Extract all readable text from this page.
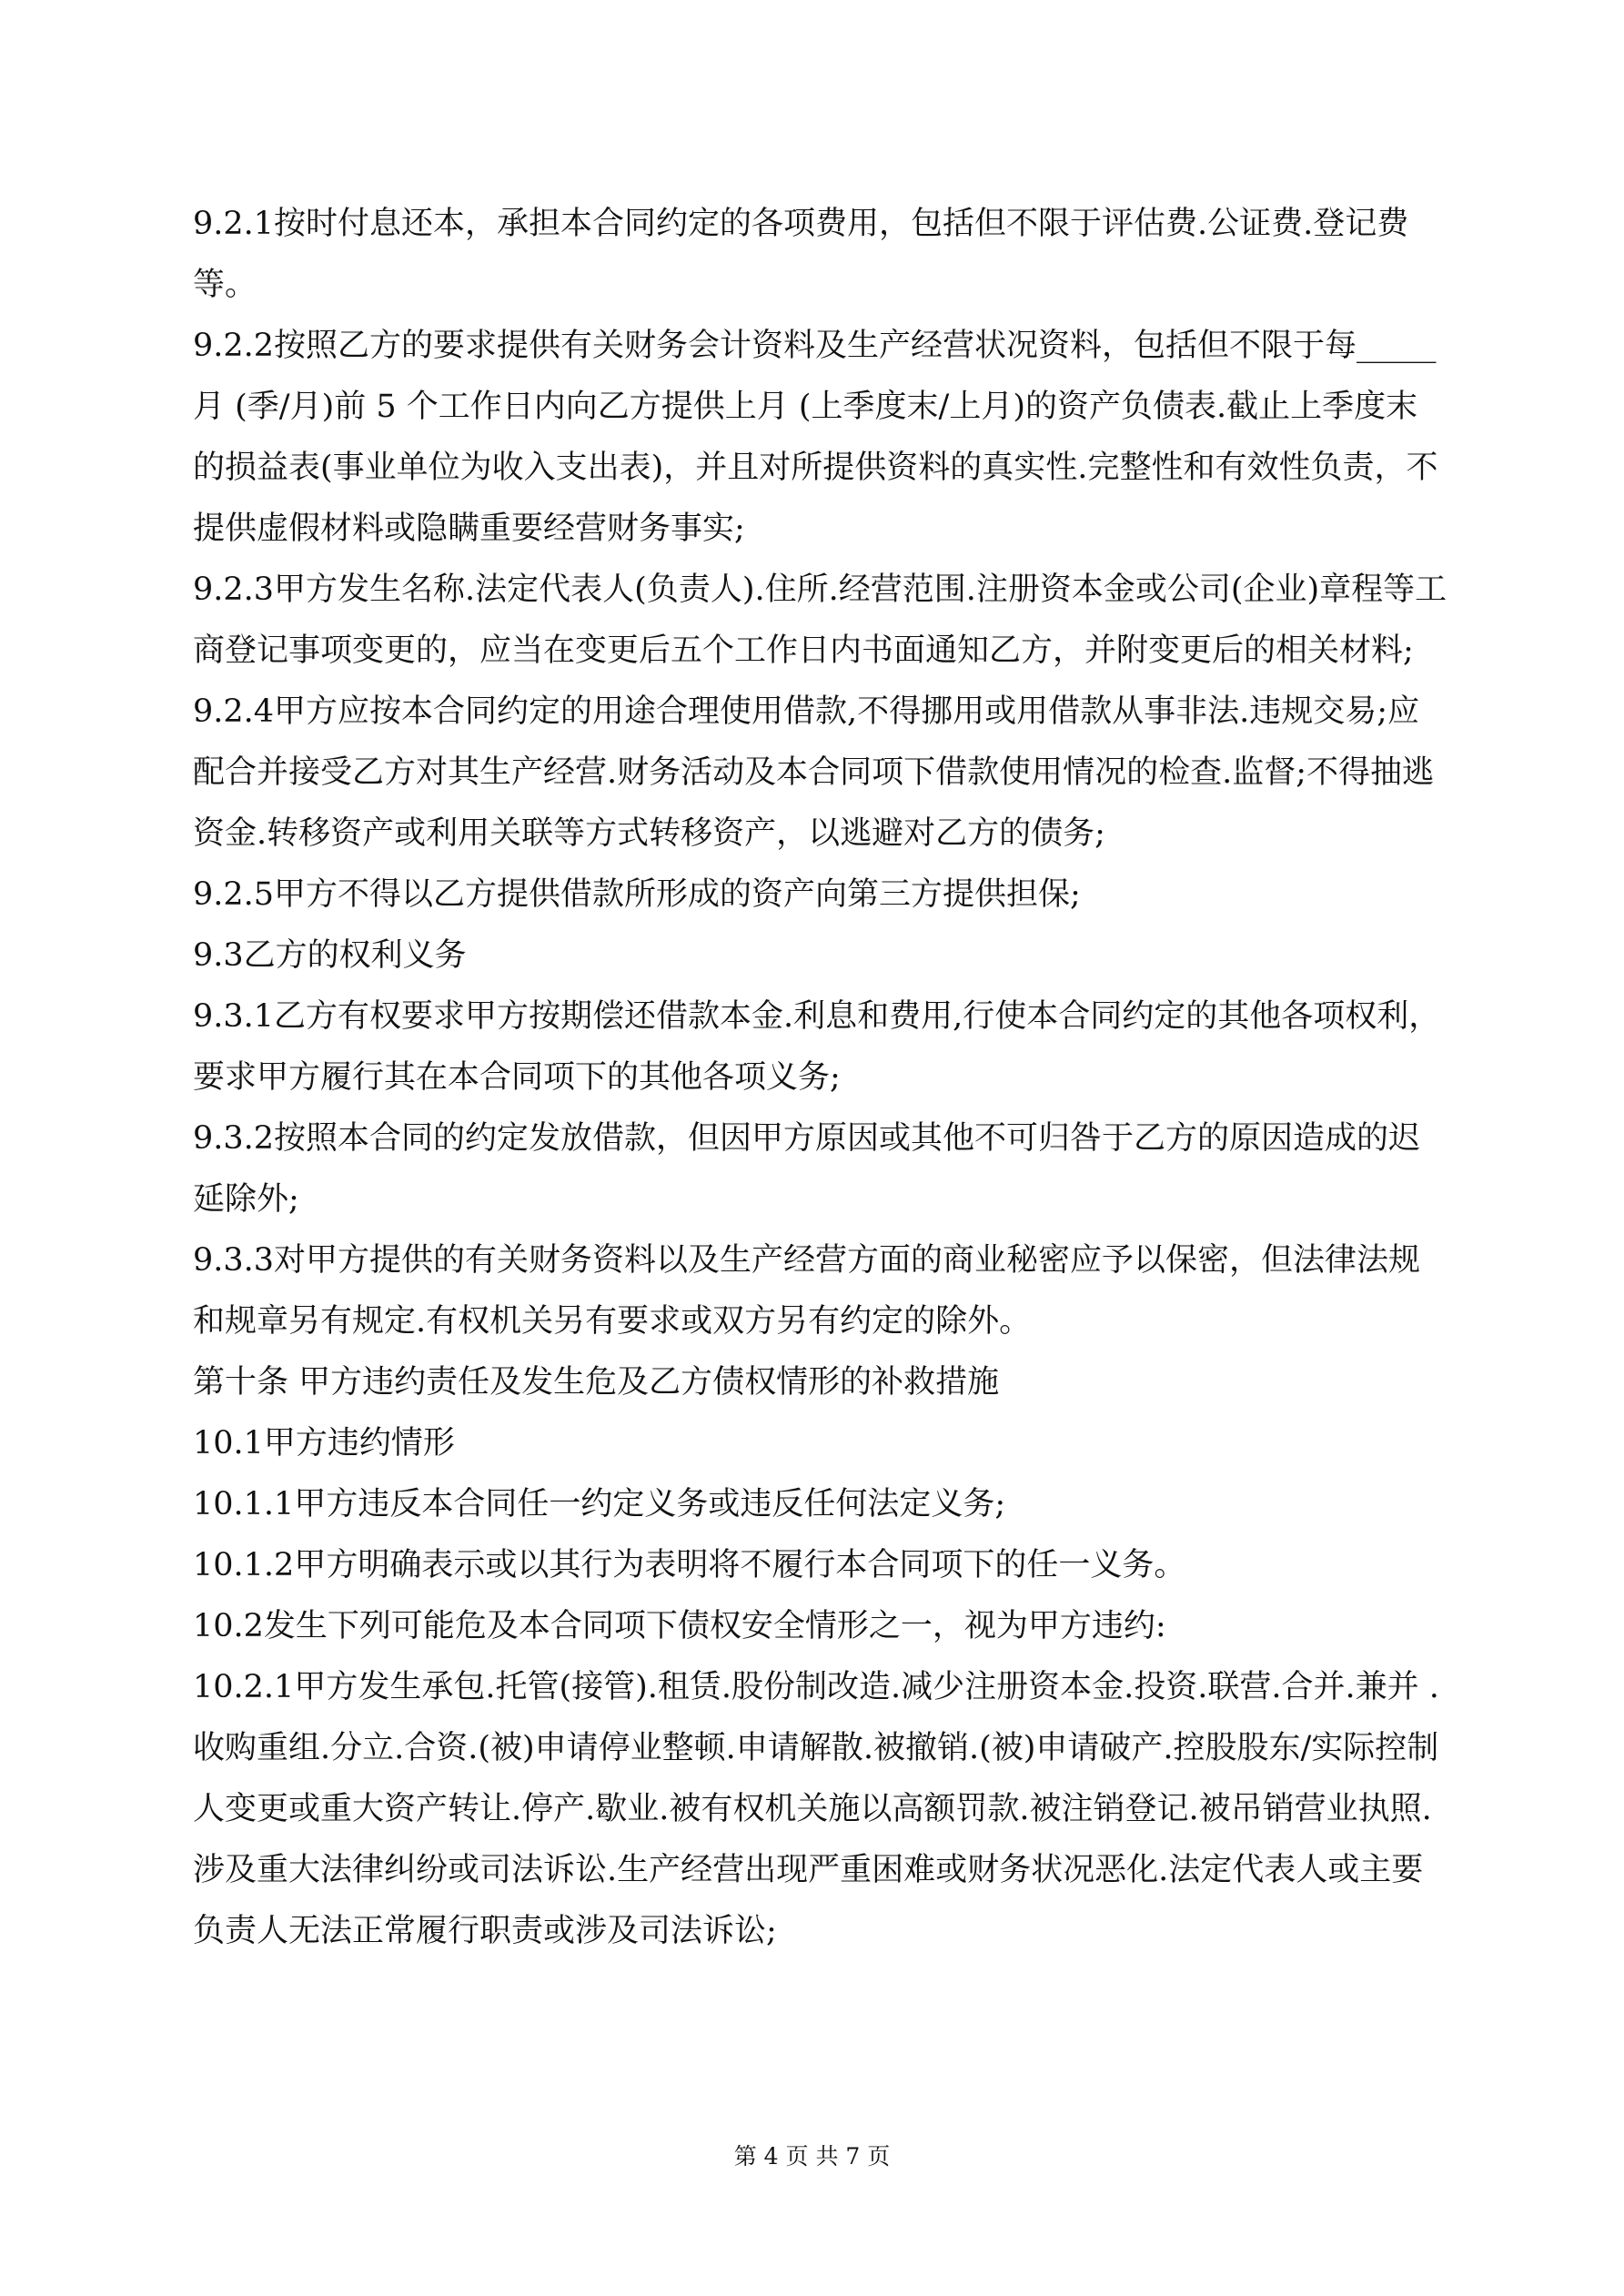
9.2.1按时付息还本，承担本合同约定的各项费用，包括但不限于评估费.公证费.登记费等。

9.2.2按照乙方的要求提供有关财务会计资料及生产经营状况资料，包括但不限于每_____ 月 (季/月)前 5 个工作日内向乙方提供上月 (上季度末/上月)的资产负债表.截止上季度末的损益表(事业单位为收入支出表)，并且对所提供资料的真实性.完整性和有效性负责，不提供虚假材料或隐瞒重要经营财务事实;

9.2.3甲方发生名称.法定代表人(负责人).住所.经营范围.注册资本金或公司(企业)章程等工商登记事项变更的，应当在变更后五个工作日内书面通知乙方，并附变更后的相关材料;

9.2.4甲方应按本合同约定的用途合理使用借款,不得挪用或用借款从事非法.违规交易;应配合并接受乙方对其生产经营.财务活动及本合同项下借款使用情况的检查.监督;不得抽逃资金.转移资产或利用关联等方式转移资产，以逃避对乙方的债务;

9.2.5甲方不得以乙方提供借款所形成的资产向第三方提供担保;

9.3乙方的权利义务

9.3.1乙方有权要求甲方按期偿还借款本金.利息和费用,行使本合同约定的其他各项权利，要求甲方履行其在本合同项下的其他各项义务;

9.3.2按照本合同的约定发放借款，但因甲方原因或其他不可归咎于乙方的原因造成的迟延除外;

9.3.3对甲方提供的有关财务资料以及生产经营方面的商业秘密应予以保密，但法律法规和规章另有规定.有权机关另有要求或双方另有约定的除外。

第十条 甲方违约责任及发生危及乙方债权情形的补救措施

10.1甲方违约情形

10.1.1甲方违反本合同任一约定义务或违反任何法定义务;

10.1.2甲方明确表示或以其行为表明将不履行本合同项下的任一义务。

10.2发生下列可能危及本合同项下债权安全情形之一，视为甲方违约:

10.2.1甲方发生承包.托管(接管).租赁.股份制改造.减少注册资本金.投资.联营.合并.兼并 .收购重组.分立.合资.(被)申请停业整顿.申请解散.被撤销.(被)申请破产.控股股东/实际控制人变更或重大资产转让.停产.歇业.被有权机关施以高额罚款.被注销登记.被吊销营业执照.涉及重大法律纠纷或司法诉讼.生产经营出现严重困难或财务状况恶化.法定代表人或主要负责人无法正常履行职责或涉及司法诉讼;

第 4 页 共 7 页
